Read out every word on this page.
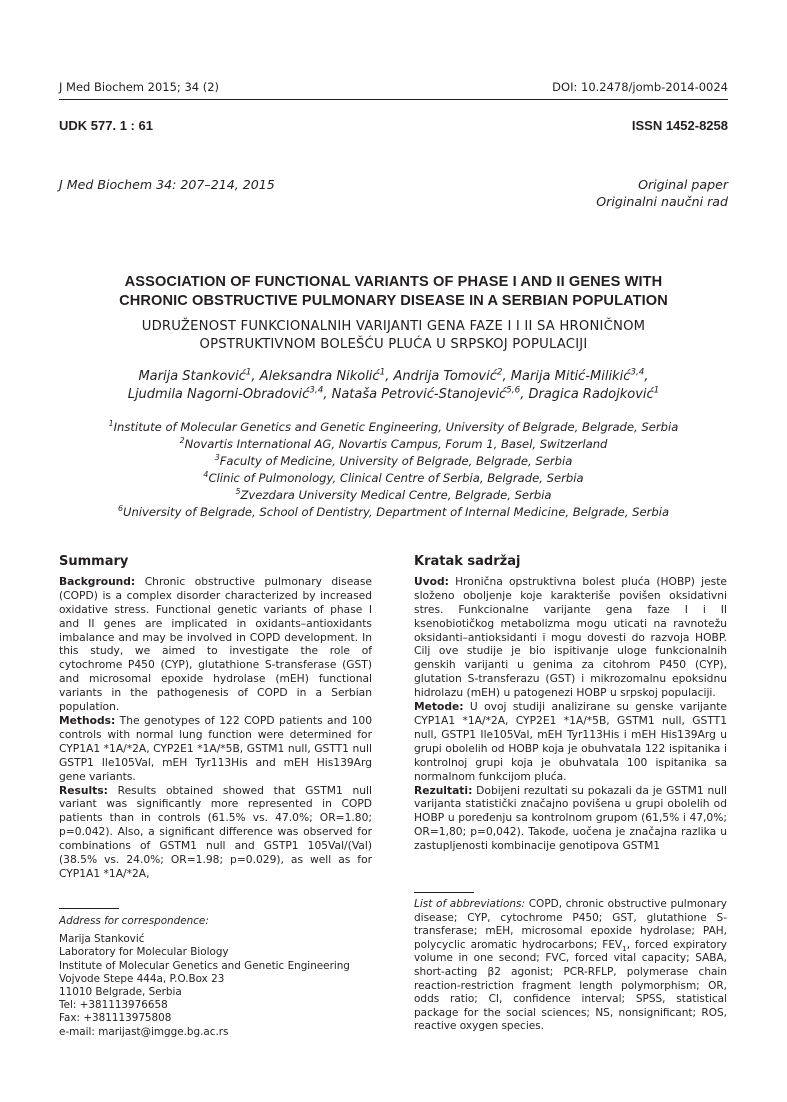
J Med Biochem 2015; 34 (2)	DOI: 10.2478/jomb-2014-0024
UDK 577. 1 : 61	ISSN 1452-8258
J Med Biochem 34: 207–214, 2015	Original paper
Originalni naučni rad
ASSOCIATION OF FUNCTIONAL VARIANTS OF PHASE I AND II GENES WITH
CHRONIC OBSTRUCTIVE PULMONARY DISEASE IN A SERBIAN POPULATION
UDRUŽENOST FUNKCIONALNIH VARIJANTI GENA FAZE I I II SA HRONIČNOM
OPSTRUKTIVNOM BOLEŠĆU PLUĆA U SRPSKOJ POPULACIJI
Marija Stanković$^1$, Aleksandra Nikolić$^1$, Andrija Tomović$^2$, Marija Mitić-Milikić$^{3,4}$,
Ljudmila Nagorni-Obradović$^{3,4}$, Nataša Petrović-Stanojević$^{5,6}$, Dragica Radojković$^1$
$^1$Institute of Molecular Genetics and Genetic Engineering, University of Belgrade, Belgrade, Serbia
$^2$Novartis International AG, Novartis Campus, Forum 1, Basel, Switzerland
$^3$Faculty of Medicine, University of Belgrade, Belgrade, Serbia
$^4$Clinic of Pulmonology, Clinical Centre of Serbia, Belgrade, Serbia
$^5$Zvezdara University Medical Centre, Belgrade, Serbia
$^6$University of Belgrade, School of Dentistry, Department of Internal Medicine, Belgrade, Serbia
Summary

Background: Chronic obstructive pulmonary disease (COPD) is a complex disorder characterized by increased oxidative stress. Functional genetic variants of phase I and II genes are implicated in oxidants–antioxidants imbalance and may be involved in COPD development. In this study, we aimed to investigate the role of cytochrome P450 (CYP), glutathione S-transferase (GST) and microsomal epoxide hydrolase (mEH) functional variants in the pathogenesis of COPD in a Serbian population.

Methods: The genotypes of 122 COPD patients and 100 controls with normal lung function were determined for CYP1A1 *1A/*2A, CYP2E1 *1A/*5B, GSTM1 null, GSTT1 null GSTP1 Ile105Val, mEH Tyr113His and mEH His139Arg gene variants.

Results: Results obtained showed that GSTM1 null variant was significantly more represented in COPD patients than in controls (61.5% vs. 47.0%; OR=1.80; p=0.042). Also, a significant difference was observed for combinations of GSTM1 null and GSTP1 105Val/(Val) (38.5% vs. 24.0%; OR=1.98; p=0.029), as well as for CYP1A1 *1A/*2A,

Kratak sadržaj

Uvod: Hronična opstruktivna bolest pluća (HOBP) jeste složeno oboljenje koje karakteriše povišen oksidativni stres. Funkcionalne varijante gena faze I i II ksenobiotičkog metabolizma mogu uticati na ravnotežu oksidanti–antioksidanti i mogu dovesti do razvoja HOBP. Cilj ove studije je bio ispitivanje uloge funkcionalnih genskih varijanti u genima za citohrom P450 (CYP), glutation S-transferazu (GST) i mikrozomalnu epoksidnu hidrolazu (mEH) u patogenezi HOBP u srpskoj populaciji.

Metode: U ovoj studiji analizirane su genske varijante CYP1A1 *1A/*2A, CYP2E1 *1A/*5B, GSTM1 null, GSTT1 null, GSTP1 Ile105Val, mEH Tyr113His i mEH His139Arg u grupi obolelih od HOBP koja je obuhvatala 122 ispitanika i kontrolnoj grupi koja je obuhvatala 100 ispitanika sa normalnom funkcijom pluća.

Rezultati: Dobijeni rezultati su pokazali da je GSTM1 null varijanta statistički značajno povišena u grupi obolelih od HOBP u poređenju sa kontrolnom grupom (61,5% i 47,0%; OR=1,80; p=0,042). Takođe, uočena je značajna razlika u zastupljenosti kombinacije genotipova GSTM1

Address for correspondence:
Marija Stanković
Laboratory for Molecular Biology
Institute of Molecular Genetics and Genetic Engineering
Vojvode Stepe 444a, P.O.Box 23
11010 Belgrade, Serbia
Tel: +381113976658
Fax: +381113975808
e-mail: marijast@imgge.bg.ac.rs

List of abbreviations: COPD, chronic obstructive pulmonary disease; CYP, cytochrome P450; GST, glutathione S-transferase; mEH, microsomal epoxide hydrolase; PAH, polycyclic aromatic hydrocarbons; $FEV_1$, forced expiratory volume in one second; FVC, forced vital capacity; SABA, short-acting β2 agonist; PCR-RFLP, polymerase chain reaction-restriction fragment length polymorphism; OR, odds ratio; CI, confidence interval; SPSS, statistical package for the social sciences; NS, nonsignificant; ROS, reactive oxygen species.
